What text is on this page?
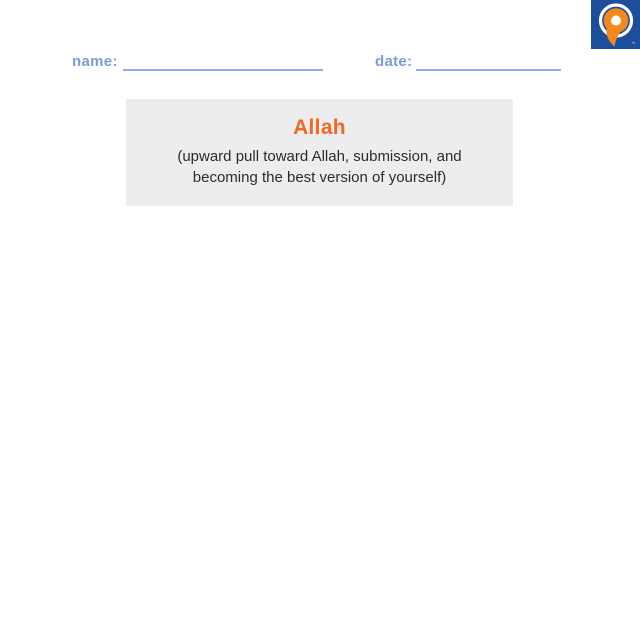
name:	date:
™
Allah
(upward pull toward Allah, submission, and
becoming the best version of yourself)
